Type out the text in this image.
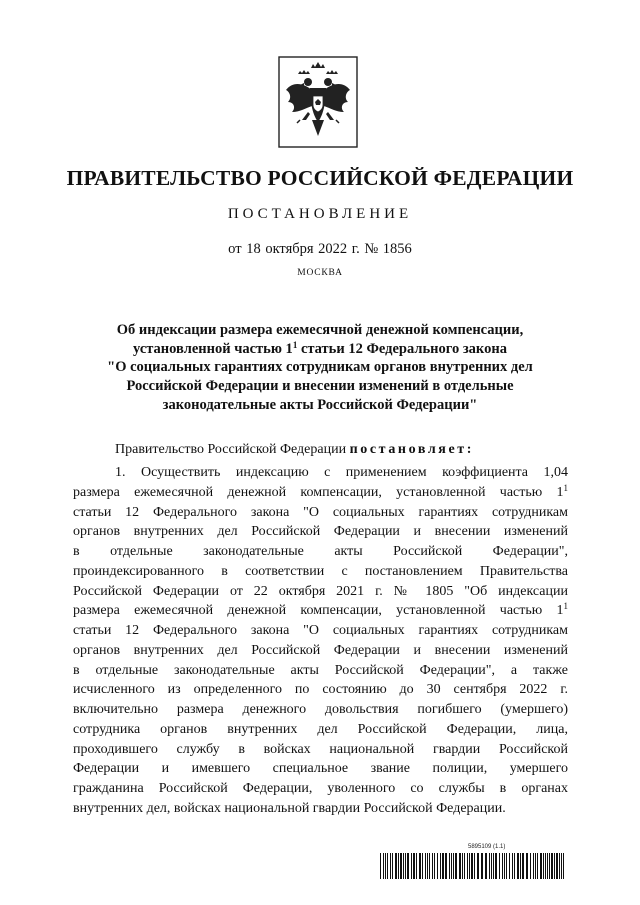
ПРАВИТЕЛЬСТВО РОССИЙСКОЙ ФЕДЕРАЦИИ
ПОСТАНОВЛЕНИЕ
от 18 октября 2022 г. № 1856
МОСКВА
Об индексации размера ежемесячной денежной компенсации,
установленной частью $1^1$ статьи 12 Федерального закона
"О социальных гарантиях сотрудникам органов внутренних дел
Российской Федерации и внесении изменений в отдельные
законодательные акты Российской Федерации"
Правительство Российской Федерации постановляет:
1. Осуществить индексацию с применением коэффициента 1,04
размера ежемесячной денежной компенсации, установленной частью $1^1$
статьи 12 Федерального закона "О социальных гарантиях сотрудникам
органов внутренних дел Российской Федерации и внесении изменений
в отдельные законодательные акты Российской Федерации",
проиндексированного в соответствии с постановлением Правительства
Российской Федерации от 22 октября 2021 г. № 1805 "Об индексации
размера ежемесячной денежной компенсации, установленной частью $1^1$
статьи 12 Федерального закона "О социальных гарантиях сотрудникам
органов внутренних дел Российской Федерации и внесении изменений
в отдельные законодательные акты Российской Федерации", а также
исчисленного из определенного по состоянию до 30 сентября 2022 г.
включительно размера денежного довольствия погибшего (умершего)
сотрудника органов внутренних дел Российской Федерации, лица,
проходившего службу в войсках национальной гвардии Российской
Федерации и имевшего специальное звание полиции, умершего
гражданина Российской Федерации, уволенного со службы в органах
внутренних дел, войсках национальной гвардии Российской Федерации.
5895109 (1.1)
